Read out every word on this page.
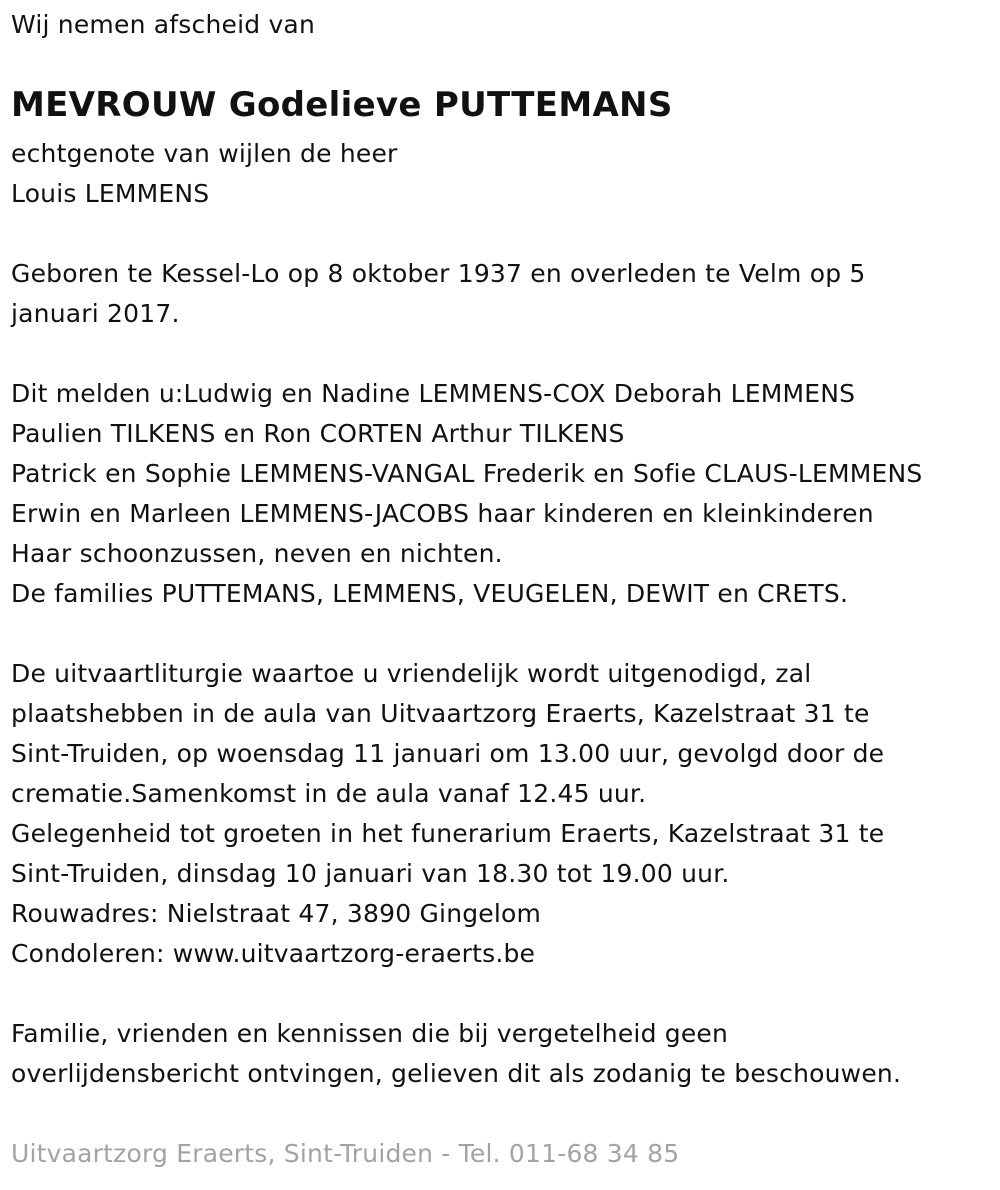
Wij nemen afscheid van
MEVROUW Godelieve PUTTEMANS
echtgenote van wijlen de heer
Louis LEMMENS
Geboren te Kessel-Lo op 8 oktober 1937 en overleden te Velm op 5
januari 2017.
Dit melden u:Ludwig en Nadine LEMMENS-COX Deborah LEMMENS
Paulien TILKENS en Ron CORTEN Arthur TILKENS
Patrick en Sophie LEMMENS-VANGAL Frederik en Sofie CLAUS-LEMMENS
Erwin en Marleen LEMMENS-JACOBS haar kinderen en kleinkinderen
Haar schoonzussen, neven en nichten.
De families PUTTEMANS, LEMMENS, VEUGELEN, DEWIT en CRETS.
De uitvaartliturgie waartoe u vriendelijk wordt uitgenodigd, zal
plaatshebben in de aula van Uitvaartzorg Eraerts, Kazelstraat 31 te
Sint-Truiden, op woensdag 11 januari om 13.00 uur, gevolgd door de
crematie.Samenkomst in de aula vanaf 12.45 uur.
Gelegenheid tot groeten in het funerarium Eraerts, Kazelstraat 31 te
Sint-Truiden, dinsdag 10 januari van 18.30 tot 19.00 uur.
Rouwadres: Nielstraat 47, 3890 Gingelom
Condoleren: www.uitvaartzorg-eraerts.be
Familie, vrienden en kennissen die bij vergetelheid geen
overlijdensbericht ontvingen, gelieven dit als zodanig te beschouwen.
Uitvaartzorg Eraerts, Sint-Truiden - Tel. 011-68 34 85
